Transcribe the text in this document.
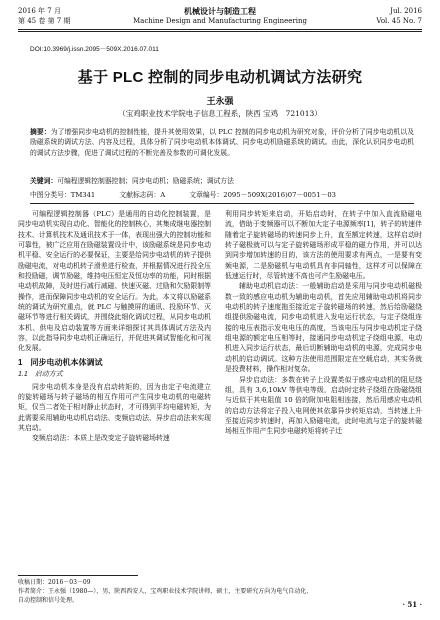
2016 年 7 月
第 45 卷 第 7 期
机械设计与制造工程
Machine Design and Manufacturing Engineering
Jul. 2016
Vol. 45 No. 7
DOI:10.3969/j.issn.2095－509X.2016.07.011
基于 PLC 控制的同步电动机调试方法研究
王永强
（宝鸡职业技术学院电子信息工程系，陕西 宝鸡　721013）
摘要：为了增强同步电动机的控制性能，提升其使用效果，以 PLC 控制的同步电动机为研究对象，评价分析了同步电动机以及励磁系统的调试方法、内容及过程，具体分析了同步电动机本体调试、同步电动机励磁系统的调试。由此，深化认识同步电动机的调试方法步骤，促进了调试过程的不断完善及参数的可调化发展。
关键词：可编程逻辑控制器控制；同步电动机；励磁系统；调试方法
中图分类号：TM341	文献标志码：A	文章编号：2095－509X(2016)07－0051－03

可编程逻辑控制器（PLC）是通用的自动化控制装置，是同步电动机实现自动化、智能化的控制核心，其集成继电器控制技术、计算机技术及通讯技术于一体，表现出强大的控制功能和可靠性，被广泛应用在励磁装置设计中，该励磁系统是同步电动机平稳、安全运行的必要保证，主要是给同步电动机的转子提供励磁电流，对电动机转子滑差进行检查，并根据情况进行投全压和投励磁，调节励磁，维持电压恒定及恒功率的功能，同时根据电动机故障，及时进行减行减磁、快速灭磁、过励和欠励限制等操作，进而保障同步电动机的安全运行。为此，本文将以励磁系统的调试为研究重点，就 PLC 与触摸屏的通讯、投励环节、灭磁环节等进行相关调试，并围绕此细化调试过程，从同步电动机本机、供电及启动装置等方面来详细探讨其具体调试方法及内容，以此指导同步电动机正确运行，并促进其调试智能化和可视化发展。

1　同步电动机本体调试
1.1　启动方式

同步电动机本身是没有启动转矩的，因为由定子电流建立的旋转磁场与转子磁场的相互作用可产生同步电动机的电磁转矩，仅当二者处于相对静止状态时，才可得到平均电磁转矩，为此需要采用辅助电动机启动法、变频启动法、异步启动法来实现其启动。

变频启动法：本质上是改变定子旋转磁场转速

利用同步转矩来启动，开始启动时，在转子中加入直流励磁电流，借助于变频器可以不断加大定子电源频率[1]，转子的转速伴随着定子旋转磁场的转速同步上升，直至额定转速，这样启动时转子磁极就可以与定子旋转磁场形成平稳的磁力作用，并可以达到同步增加转速的目的，该方法的使用要求有两点，一是要有变频电源，二是励磁机与电动机具有非同轴性，这样才可以保障在低速运行时，尽管转速不高也可产生励磁电压。

辅助电动机启动法：一般辅助启动是采用与同步电动机磁极数一致的感应电动机为辅助电动机，首先应用辅助电动机将同步电动机的转子速度拖至接近定子旋转磁场的转速，然后给励磁绕组提供励磁电流，同步电动机进入发电运行状态，与定子绕组连接的电压表指示发电电压的高度，当该电压与同步电动机定子绕组电源的额定电压相等时，接通同步电动机定子绕组电源，电动机进入同步运行状态，最后切断辅助电动机的电源，完成同步电动机的启动调试。这种方法使用范围限定在空载启动，其实务就是投费材料，操作相对复杂。

异步启动法：多数在转子上设置类似于感应电动机的阻尼绕组，具有 3,6,10kV 等供电等级，启动时定转子绕组在励磁绕组与近似于其电阻值 10 倍的附加电阻相连接，然后用感应电动机的启动方法将定子投入电网使其依靠异步转矩启动，当转速上升至接近同步转速时，再加入励磁电流，此时电流与定子的旋转磁场相互作用产生同步电磁转矩将转子迁

收稿日期：2016－03－09
作者简介：王永强（1980—），男，陕西西安人，宝鸡职业技术学院讲师，硕士，主要研究方向为电气自动化、自动控制和信号处理。	· 51 ·
